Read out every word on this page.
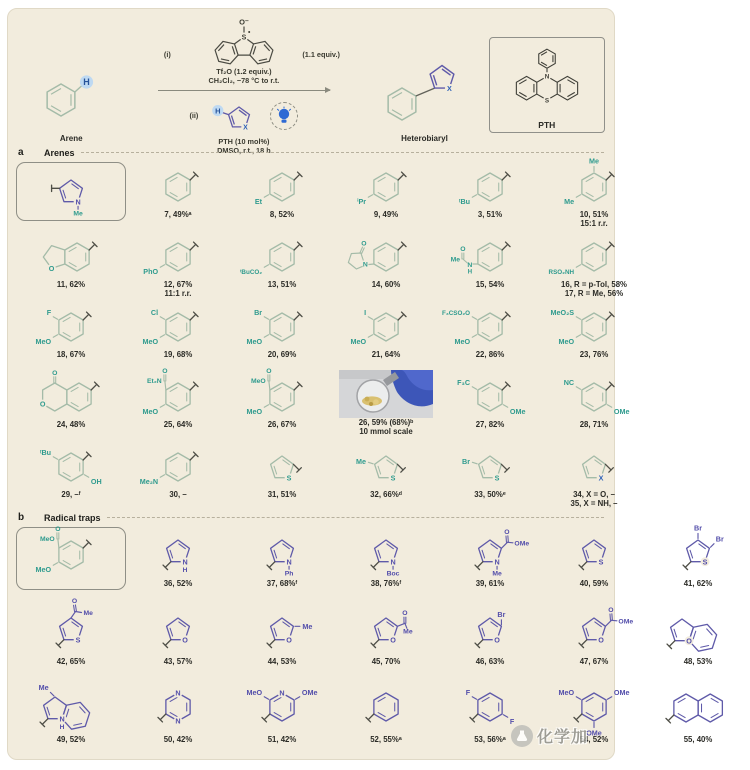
H
Arene
(i)
S
O⁻
(1.1 equiv.)
Tf₂O (1.2 equiv.)
CH₂Cl₂, −78 °C to r.t.
(ii)
H
X
PTH (10 mol%)
DMSO, r.t., 18 h
X
Heterobiaryl
N
S
PTH
a	Arenes
N
Me	7, 49%ᵃ
Et
8, 52%
ⁱPr
9, 49%
ᵗBu
3, 51%
Me
Me
10, 51%
15:1 r.r.
O
11, 62%
PhO
12, 67%
11:1 r.r.
ᵗBuCO₂
13, 51%
N
O
14, 60%
N
H
O
Me
15, 54%
RSO₂NH
16, R = p-Tol, 58%
17, R = Me, 56%
F
MeO
18, 67%
Cl
MeO
19, 68%
Br
MeO
20, 69%
I
MeO
21, 64%
F₃CSO₂O
MeO
22, 86%
MeO₂S
MeO
23, 76%
O
O
24, 48%
MeO
O
Et₂N
25, 64%
MeO
O
MeO
26, 67%	26, 59% (68%)ᵇ
10 mmol scale
F₃C
OMe
27, 82%
NC
OMe
28, 71%
ᵗBu
OH
29, –ᶠ
Me₂N
30, –
S
31, 51%
Me
S
32, 66%ᵈ
Br
S
33, 50%ᵉ
X
34, X = O, –
35, X = NH, –
b	Radical traps
MeO
O
MeO
N
H
36, 52%
N
Ph
37, 68%ᶠ
N
Boc
38, 76%ᶠ
O
OMe
N
Me
39, 61%
S
40, 59%
Br
Br
S
41, 62%
O
Me
S
42, 65%
O
43, 57%
Me
O
44, 53%
O
Me
O
45, 70%
Br
O
46, 63%
O
OMe
O
47, 67%
O
48, 53%
Me
N
H
49, 52%
N
N
50, 42%
MeO	OMe
N
51, 42%	52, 55%ᵃ
F
F
53, 56%ᵃ
MeO	OMe
OMe
54, 52%	55, 40%
化学加
